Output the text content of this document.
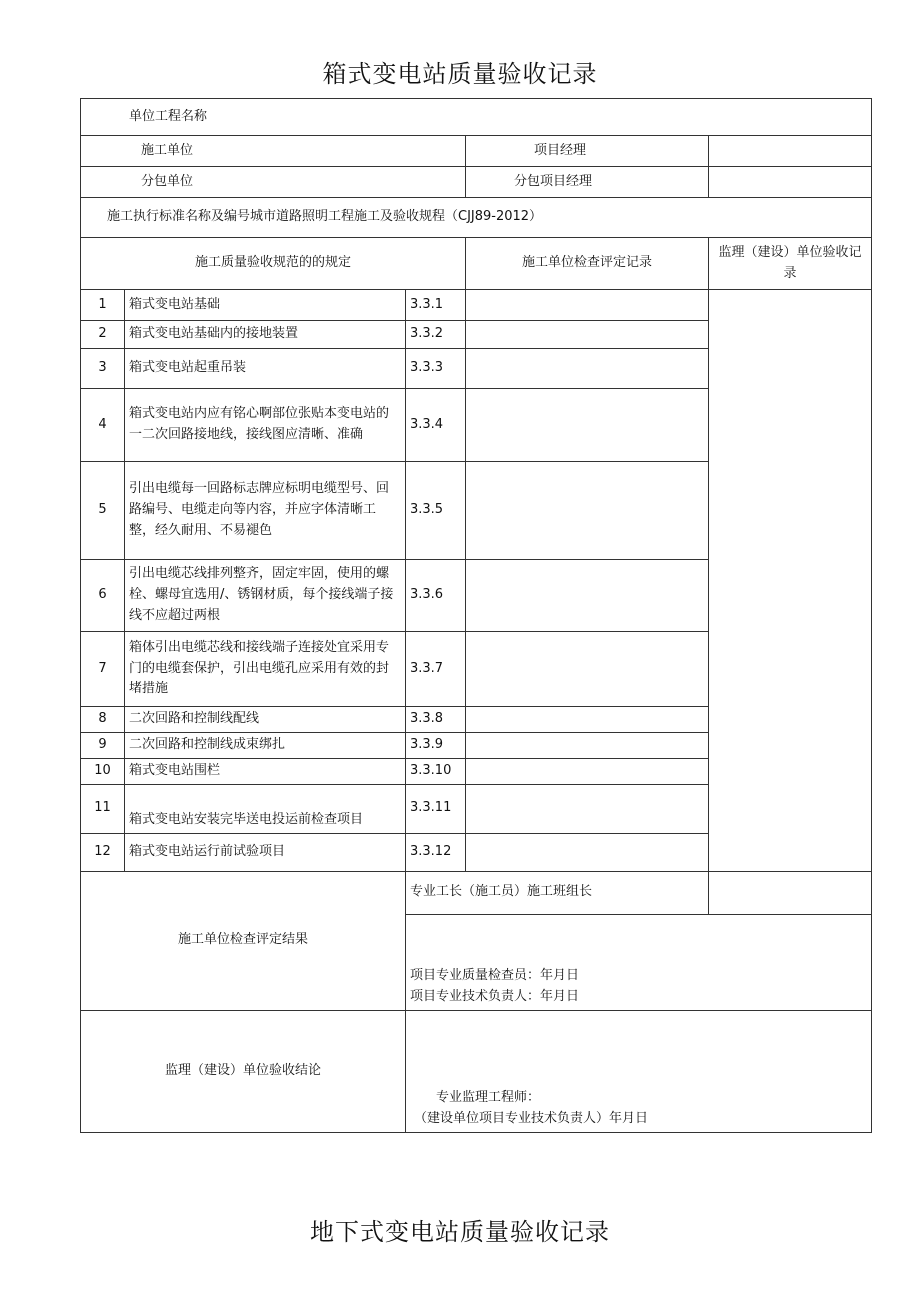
箱式变电站质量验收记录
单位工程名称				
施工单位			项目经理	
分包单位			分包项目经理	
施工执行标准名称及编号城市道路照明工程施工及验收规程（CJJ89-2012）				
施工质量验收规范的的规定			施工单位检查评定记录	监理（建设）单位验收记录
1	箱式变电站基础	3.3.1		
2	箱式变电站基础内的接地装置	3.3.2		
3	箱式变电站起重吊装	3.3.3		
4	箱式变电站内应有铭心啊部位张贴本变电站的一二次回路接地线，接线图应清晰、准确	3.3.4		
5	引出电缆每一回路标志牌应标明电缆型号、回路编号、电缆走向等内容，并应字体清晰工整，经久耐用、不易褪色	3.3.5		
6	引出电缆芯线排列整齐，固定牢固，使用的螺栓、螺母宜选用/、锈钢材质，每个接线端子接线不应超过两根	3.3.6		
7	箱体引出电缆芯线和接线端子连接处宜采用专门的电缆套保护，引出电缆孔应采用有效的封堵措施	3.3.7		
8	二次回路和控制线配线	3.3.8		
9	二次回路和控制线成束绑扎	3.3.9		
10	箱式变电站围栏	3.3.10		
11	箱式变电站安装完毕送电投运前检查项目	3.3.11		
12	箱式变电站运行前试验项目	3.3.12		
施工单位检查评定结果		专业工长（施工员）施工班组长		

		项目专业质量检查员：年月日
项目专业技术负责人：年月日		

监理（建设）单位验收结论		专业监理工程师：
（建设单位项目专业技术负责人）年月日		
地下式变电站质量验收记录
